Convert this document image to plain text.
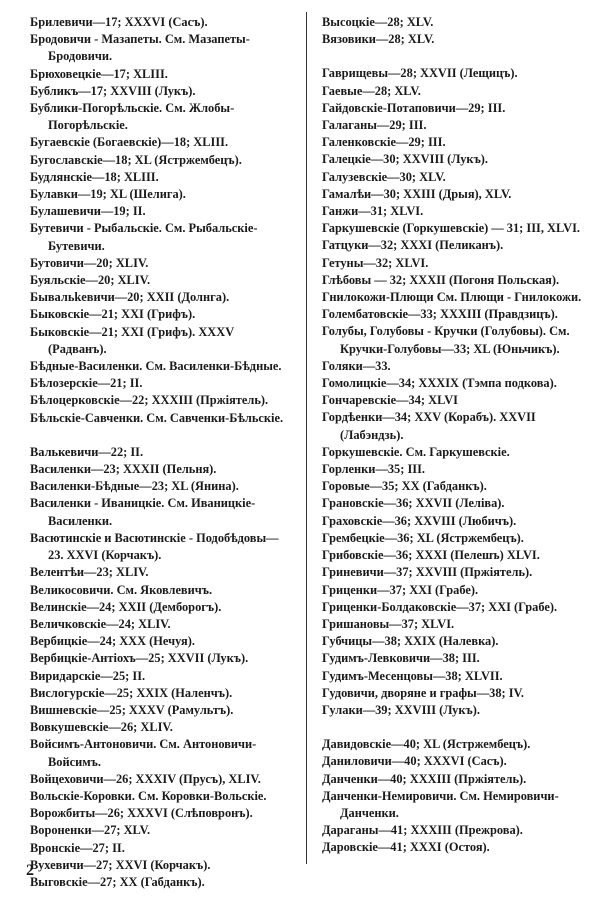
Брилевичи—17; XXXVI (Сасъ).

Бродовичи - Мазапеты. См. Мазапеты-Бродовичи.

Брюховецкіе—17; XLIII.

Бубликъ—17; XXVIII (Лукъ).

Бублики-Погорѣльскіе. См. Жлобы-Погорѣльскіе.

Бугаевскіе (Богаевскіе)—18; XLIII.

Бугославскіе—18; XL (Ястржембецъ).

Будлянскіе—18; XLIII.

Булавки—19; XL (Шелига).

Булашевичи—19; II.

Бутевичи - Рыбальскіе. См. Рыбальскіе-Бутевичи.

Бутовичи—20; XLIV.

Буяльскіе—20; XLIV.

Бывальkевичи—20; XXII (Долнгa).

Быковскіе—21; XXI (Грифъ).

Быковскіе—21; XXI (Грифъ). XXXV (Радванъ).

Бѣдные-Василенки. См. Василенки-Бѣдные.

Бѣлозерскіе—21; II.

Бѣлоцерковскіе—22; XXXIII (Пржіятель).

Бѣльскіе-Савченки. См. Савченки-Бѣльскіе.

Валькевичи—22; II.

Василенки—23; XXXII (Пельня).

Василенки-Бѣдные—23; XL (Янина).

Василенки - Иваницкіе. См. Иваницкіе-Василенки.

Васютинскіе и Васютинскіе - Подобѣдовы—23. XXVI (Корчакъ).

Велентѣи—23; XLIV.

Великосовичи. См. Яковлевичъ.

Велинскіе—24; XXII (Демборогъ).

Величковскіе—24; XLIV.

Вербицкіе—24; XXX (Нечуя).

Вербицкіе-Антіохъ—25; XXVII (Лукъ).

Виридарскіе—25; II.

Вислогурскіе—25; XXIX (Наленчъ).

Вишневскіе—25; XXXV (Рамультъ).

Вовкушевскіе—26; XLIV.

Войсимъ-Антоновичи. См. Антоновичи-Войсимъ.

Войцеховичи—26; XXXIV (Прусъ), XLIV.

Вольскіе-Коровки. См. Коровки-Вольскіе.

Ворожбиты—26; XXXVI (Слѣповронъ).

Вороненки—27; XLV.

Вронскіе—27; II.

Вухевичи—27; XXVI (Корчакъ).

Выговскіе—27; XX (Габданкъ).

Высоцкіе—28; XLV.

Вязовики—28; XLV.

Гаврищевы—28; XXVII (Лещицъ).

Гаевые—28; XLV.

Гайдовскіе-Потаповичи—29; III.

Галаганы—29; III.

Галенковскіе—29; III.

Галецкіе—30; XXVIII (Лукъ).

Галузевскіе—30; XLV.

Гамалѣи—30; XXIII (Дрыя), XLV.

Ганжи—31; XLVI.

Гаркушевскіе (Горкушевскіе) — 31; III, XLVI.

Гатцуки—32; XXXI (Пеликанъ).

Гетуны—32; XLVI.

Глѣбовы — 32; XXXII (Погоня Польская).

Гнилокожи-Плющи См. Плющи - Гнилокожи.

Голембатовскіе—33; XXXIII (Правдзицъ).

Голубы, Голубовы - Кручки (Голубовы). См. Кручки-Голубовы—33; XL (Юньчикъ).

Голяки—33.

Гомолицкіе—34; XXXIX (Тэмпа подкова).

Гончаревскіе—34; XLVI

Гордѣенки—34; XXV (Корабъ). XXVII (Лабэндзь).

Горкушевскіе. См. Гаркушевскіе.

Горленки—35; III.

Горовые—35; XX (Габданкъ).

Грановскіе—36; XXVII (Леліва).

Граховскіе—36; XXVIII (Любичъ).

Грембецкіе—36; XL (Ястржембецъ).

Грибовскіе—36; XXXI (Пелешъ) XLVI.

Гриневичи—37; XXVIII (Пржіятель).

Гриценки—37; XXI (Грабе).

Гриценки-Болдаковскіе—37; XXI (Грабе).

Гришановы—37; XLVI.

Губчицы—38; XXIX (Налевка).

Гудимъ-Левковичи—38; III.

Гудимъ-Месенцовы—38; XLVII.

Гудовичи, дворяне и графы—38; IV.

Гулаки—39; XXVIII (Лукъ).

Давидовскіе—40; XL (Ястржембецъ).

Даниловичи—40; XXXVI (Сасъ).

Данченки—40; XXXIII (Пржіятель).

Данченки-Немировичи. См. Немировичи-Данченки.

Дараганы—41; XXXIII (Прежрова).

Даровскіе—41; XXXI (Остоя).

2
